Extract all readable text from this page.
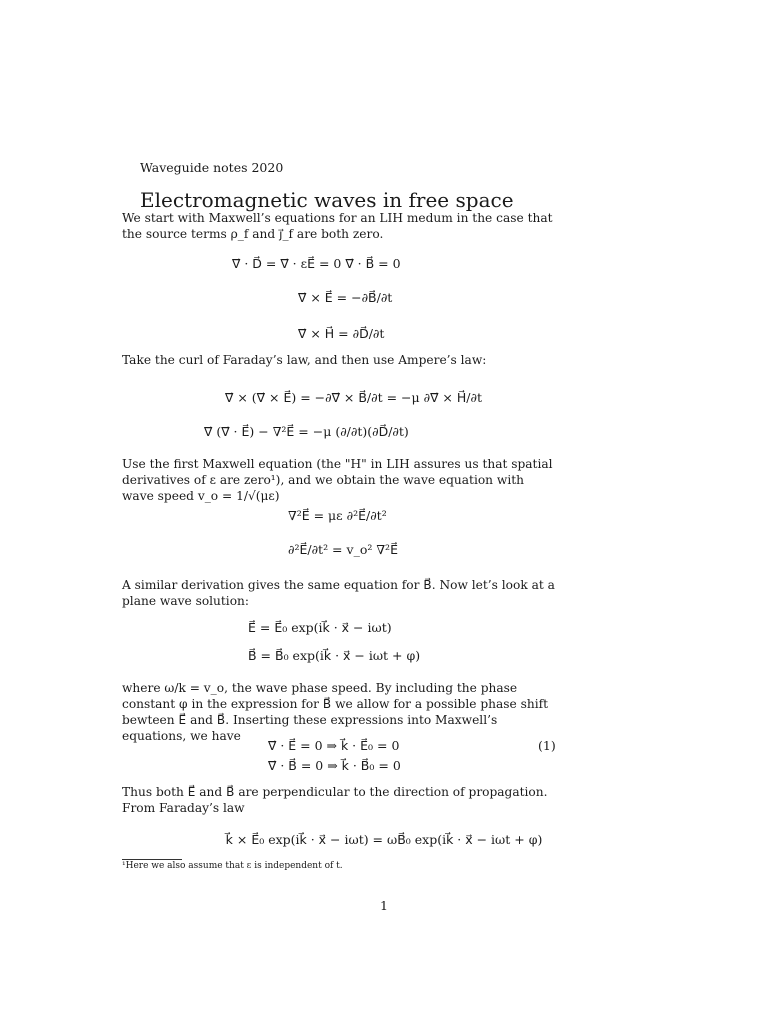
Waveguide notes 2020
Electromagnetic waves in free space
We start with Maxwell’s equations for an LIH medum in the case that the source terms ρ_f and j⃗_f are both zero.
∇⃗ · D⃗ = ∇⃗ · εE⃗ = 0 ∇⃗ · B⃗ = 0
∇⃗ × E⃗ = −∂B⃗/∂t
∇⃗ × H⃗ = ∂D⃗/∂t
Take the curl of Faraday’s law, and then use Ampere’s law:
∇⃗ × (∇⃗ × E⃗) = −∂∇⃗ × B⃗/∂t = −μ ∂∇⃗ × H⃗/∂t
∇⃗ (∇⃗ · E⃗) − ∇²E⃗ = −μ (∂/∂t)(∂D⃗/∂t)
Use the first Maxwell equation (the "H" in LIH assures us that spatial derivatives of ε are zero¹), and we obtain the wave equation with wave speed v_o = 1/√(με)
∇²E⃗ = με ∂²E⃗/∂t²
∂²E⃗/∂t² = v_o² ∇²E⃗
A similar derivation gives the same equation for B⃗. Now let’s look at a plane wave solution:
E⃗ = E⃗₀ exp(ik⃗ · x⃗ − iωt)
B⃗ = B⃗₀ exp(ik⃗ · x⃗ − iωt + φ)
where ω/k = v_o, the wave phase speed. By including the phase constant φ in the expression for B⃗ we allow for a possible phase shift bewteen E⃗ and B⃗. Inserting these expressions into Maxwell’s equations, we have
∇⃗ · E⃗ = 0 ⇒ k⃗ · E⃗₀ = 0	(1)
∇⃗ · B⃗ = 0 ⇒ k⃗ · B⃗₀ = 0
Thus both E⃗ and B⃗ are perpendicular to the direction of propagation. From Faraday’s law
k⃗ × E⃗₀ exp(ik⃗ · x⃗ − iωt) = ωB⃗₀ exp(ik⃗ · x⃗ − iωt + φ)
¹Here we also assume that ε is independent of t.
1
